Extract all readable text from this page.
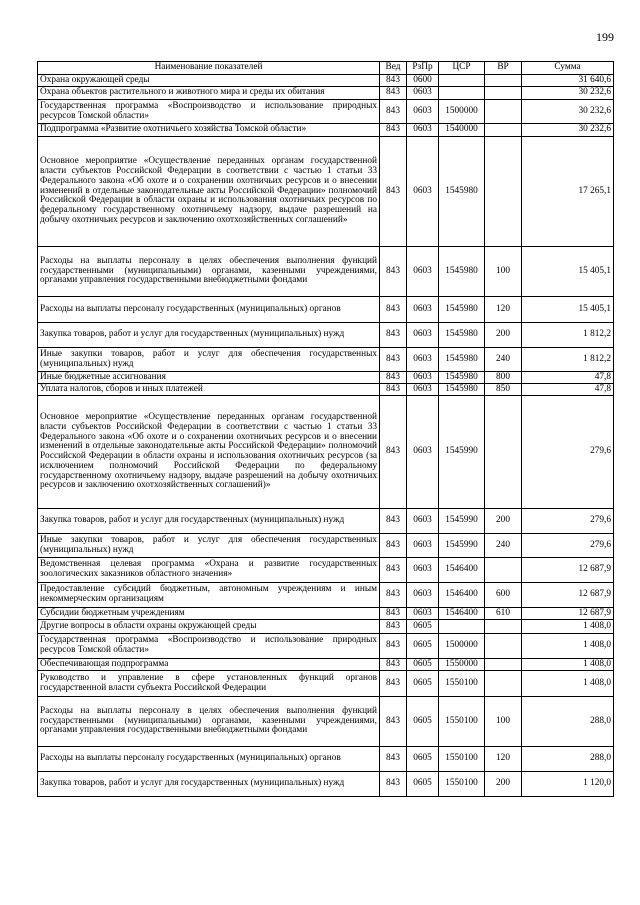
199
Наименование показателей	Вед	РзПр	ЦСР	ВР	Сумма
Охрана окружающей среды	843	0600			31 640,6
Охрана объектов растительного и животного мира и среды их обитания	843	0603			30 232,6
Государственная программа «Воспроизводство и использование природных ресурсов Томской области»	843	0603	1500000		30 232,6
Подпрограмма «Развитие охотничьего хозяйства Томской области»	843	0603	1540000		30 232,6
Основное мероприятие «Осуществление переданных органам государственной власти субъектов Российской Федерации в соответствии с частью 1 статьи 33 Федерального закона «Об охоте и о сохранении охотничьих ресурсов и о внесении изменений в отдельные законодательные акты Российской Федерации» полномочий Российской Федерации в области охраны и использования охотничьих ресурсов по федеральному государственному охотничьему надзору, выдаче разрешений на добычу охотничьих ресурсов и заключению охотхозяйственных соглашений»	843	0603	1545980		17 265,1
Расходы на выплаты персоналу в целях обеспечения выполнения функций государственными (муниципальными) органами, казенными учреждениями, органами управления государственными внебюджетными фондами	843	0603	1545980	100	15 405,1
Расходы на выплаты персоналу государственных (муниципальных) органов	843	0603	1545980	120	15 405,1
Закупка товаров, работ и услуг для государственных (муниципальных) нужд	843	0603	1545980	200	1 812,2
Иные закупки товаров, работ и услуг для обеспечения государственных (муниципальных) нужд	843	0603	1545980	240	1 812,2
Иные бюджетные ассигнования	843	0603	1545980	800	47,8
Уплата налогов, сборов и иных платежей	843	0603	1545980	850	47,8
Основное мероприятие «Осуществление переданных органам государственной власти субъектов Российской Федерации в соответствии с частью 1 статьи 33 Федерального закона «Об охоте и о сохранении охотничьих ресурсов и о внесении изменений в отдельные законодательные акты Российской Федерации» полномочий Российской Федерации в области охраны и использования охотничьих ресурсов (за исключением полномочий Российской Федерации по федеральному государственному охотничьему надзору, выдаче разрешений на добычу охотничьих ресурсов и заключению охотхозяйственных соглашений)»	843	0603	1545990		279,6
Закупка товаров, работ и услуг для государственных (муниципальных) нужд	843	0603	1545990	200	279,6
Иные закупки товаров, работ и услуг для обеспечения государственных (муниципальных) нужд	843	0603	1545990	240	279,6
Ведомственная целевая программа «Охрана и развитие государственных зоологических заказников областного значения»	843	0603	1546400		12 687,9
Предоставление субсидий бюджетным, автономным учреждениям и иным некоммерческим организациям	843	0603	1546400	600	12 687,9
Субсидии бюджетным учреждениям	843	0603	1546400	610	12 687,9
Другие вопросы в области охраны окружающей среды	843	0605			1 408,0
Государственная программа «Воспроизводство и использование природных ресурсов Томской области»	843	0605	1500000		1 408,0
Обеспечивающая подпрограмма	843	0605	1550000		1 408,0
Руководство и управление в сфере установленных функций органов государственной власти субъекта Российской Федерации	843	0605	1550100		1 408,0
Расходы на выплаты персоналу в целях обеспечения выполнения функций государственными (муниципальными) органами, казенными учреждениями, органами управления государственными внебюджетными фондами	843	0605	1550100	100	288,0
Расходы на выплаты персоналу государственных (муниципальных) органов	843	0605	1550100	120	288,0
Закупка товаров, работ и услуг для государственных (муниципальных) нужд	843	0605	1550100	200	1 120,0
